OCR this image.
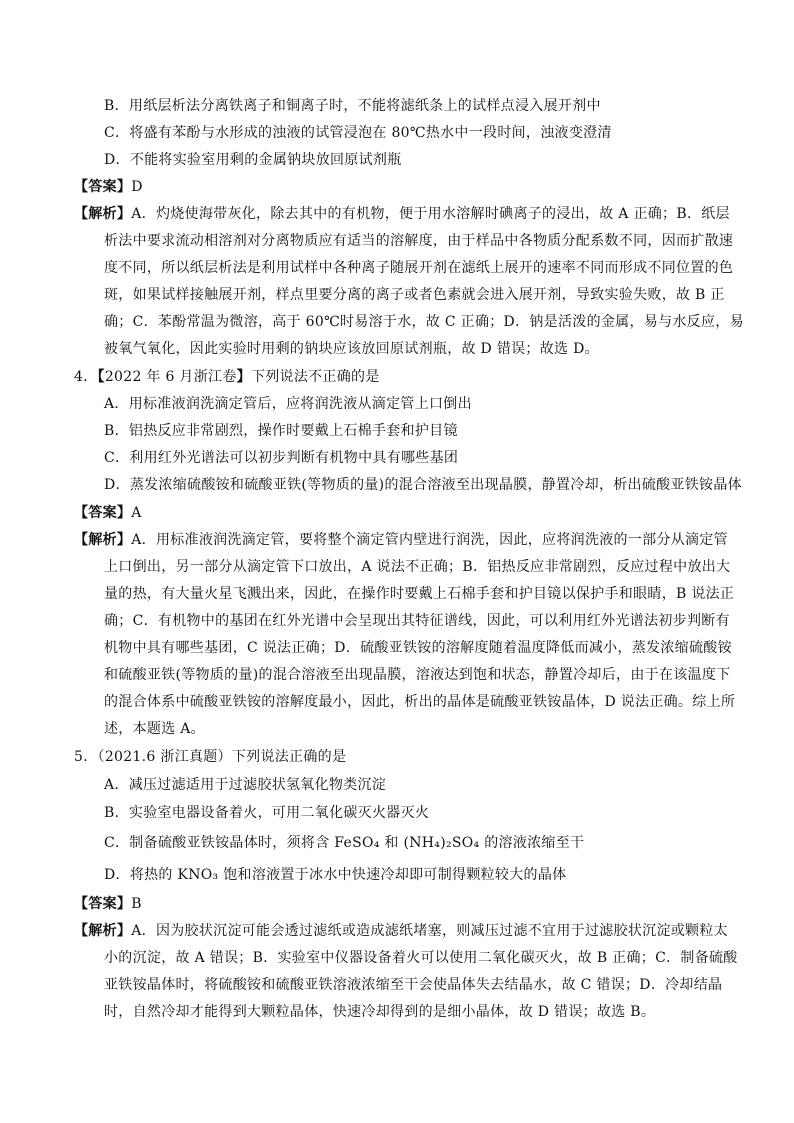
B．用纸层析法分离铁离子和铜离子时，不能将滤纸条上的试样点浸入展开剂中
C．将盛有苯酚与水形成的浊液的试管浸泡在 80℃热水中一段时间，浊液变澄清
D．不能将实验室用剩的金属钠块放回原试剂瓶
【答案】D
【解析】A．灼烧使海带灰化，除去其中的有机物，便于用水溶解时碘离子的浸出，故 A 正确；B．纸层
析法中要求流动相溶剂对分离物质应有适当的溶解度，由于样品中各物质分配系数不同，因而扩散速
度不同，所以纸层析法是利用试样中各种离子随展开剂在滤纸上展开的速率不同而形成不同位置的色
斑，如果试样接触展开剂，样点里要分离的离子或者色素就会进入展开剂，导致实验失败，故 B 正
确；C．苯酚常温为微溶，高于 60℃时易溶于水，故 C 正确；D．钠是活泼的金属，易与水反应，易
被氧气氧化，因此实验时用剩的钠块应该放回原试剂瓶，故 D 错误；故选 D。
4．【2022 年 6 月浙江卷】下列说法不正确的是
A．用标准液润洗滴定管后，应将润洗液从滴定管上口倒出
B．铝热反应非常剧烈，操作时要戴上石棉手套和护目镜
C．利用红外光谱法可以初步判断有机物中具有哪些基团
D．蒸发浓缩硫酸铵和硫酸亚铁(等物质的量)的混合溶液至出现晶膜，静置冷却，析出硫酸亚铁铵晶体
【答案】A
【解析】A．用标准液润洗滴定管，要将整个滴定管内壁进行润洗，因此，应将润洗液的一部分从滴定管
上口倒出，另一部分从滴定管下口放出，A 说法不正确；B．铝热反应非常剧烈，反应过程中放出大
量的热，有大量火星飞溅出来，因此，在操作时要戴上石棉手套和护目镜以保护手和眼睛，B 说法正
确；C．有机物中的基团在红外光谱中会呈现出其特征谱线，因此，可以利用红外光谱法初步判断有
机物中具有哪些基团，C 说法正确；D．硫酸亚铁铵的溶解度随着温度降低而减小，蒸发浓缩硫酸铵
和硫酸亚铁(等物质的量)的混合溶液至出现晶膜，溶液达到饱和状态，静置冷却后，由于在该温度下
的混合体系中硫酸亚铁铵的溶解度最小，因此，析出的晶体是硫酸亚铁铵晶体，D 说法正确。综上所
述，本题选 A。
5．（2021.6 浙江真题）下列说法正确的是
A．减压过滤适用于过滤胶状氢氧化物类沉淀
B．实验室电器设备着火，可用二氧化碳灭火器灭火
C．制备硫酸亚铁铵晶体时，须将含 FeSO₄ 和 (NH₄)₂SO₄ 的溶液浓缩至干
D．将热的 KNO₃ 饱和溶液置于冰水中快速冷却即可制得颗粒较大的晶体
【答案】B
【解析】A．因为胶状沉淀可能会透过滤纸或造成滤纸堵塞，则减压过滤不宜用于过滤胶状沉淀或颗粒太
小的沉淀，故 A 错误；B．实验室中仪器设备着火可以使用二氧化碳灭火，故 B 正确；C．制备硫酸
亚铁铵晶体时，将硫酸铵和硫酸亚铁溶液浓缩至干会使晶体失去结晶水，故 C 错误；D．冷却结晶
时，自然冷却才能得到大颗粒晶体，快速冷却得到的是细小晶体，故 D 错误；故选 B。
